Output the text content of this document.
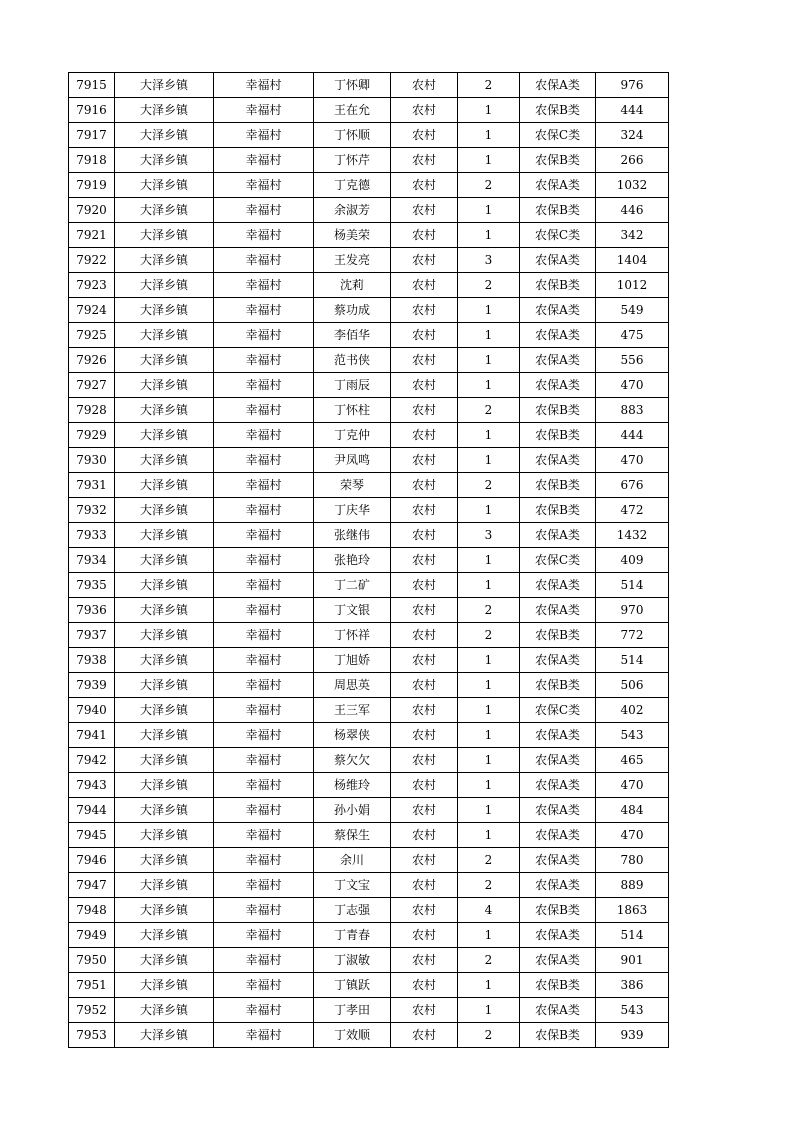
7915	大泽乡镇	幸福村	丁怀卿	农村	2	农保A类	976
7916	大泽乡镇	幸福村	王在允	农村	1	农保B类	444
7917	大泽乡镇	幸福村	丁怀顺	农村	1	农保C类	324
7918	大泽乡镇	幸福村	丁怀芹	农村	1	农保B类	266
7919	大泽乡镇	幸福村	丁克德	农村	2	农保A类	1032
7920	大泽乡镇	幸福村	余淑芳	农村	1	农保B类	446
7921	大泽乡镇	幸福村	杨美荣	农村	1	农保C类	342
7922	大泽乡镇	幸福村	王发亮	农村	3	农保A类	1404
7923	大泽乡镇	幸福村	沈莉	农村	2	农保B类	1012
7924	大泽乡镇	幸福村	蔡功成	农村	1	农保A类	549
7925	大泽乡镇	幸福村	李佰华	农村	1	农保A类	475
7926	大泽乡镇	幸福村	范书侠	农村	1	农保A类	556
7927	大泽乡镇	幸福村	丁雨辰	农村	1	农保A类	470
7928	大泽乡镇	幸福村	丁怀柱	农村	2	农保B类	883
7929	大泽乡镇	幸福村	丁克仲	农村	1	农保B类	444
7930	大泽乡镇	幸福村	尹凤鸣	农村	1	农保A类	470
7931	大泽乡镇	幸福村	荣琴	农村	2	农保B类	676
7932	大泽乡镇	幸福村	丁庆华	农村	1	农保B类	472
7933	大泽乡镇	幸福村	张继伟	农村	3	农保A类	1432
7934	大泽乡镇	幸福村	张艳玲	农村	1	农保C类	409
7935	大泽乡镇	幸福村	丁二矿	农村	1	农保A类	514
7936	大泽乡镇	幸福村	丁文银	农村	2	农保A类	970
7937	大泽乡镇	幸福村	丁怀祥	农村	2	农保B类	772
7938	大泽乡镇	幸福村	丁旭娇	农村	1	农保A类	514
7939	大泽乡镇	幸福村	周思英	农村	1	农保B类	506
7940	大泽乡镇	幸福村	王三军	农村	1	农保C类	402
7941	大泽乡镇	幸福村	杨翠侠	农村	1	农保A类	543
7942	大泽乡镇	幸福村	蔡欠欠	农村	1	农保A类	465
7943	大泽乡镇	幸福村	杨维玲	农村	1	农保A类	470
7944	大泽乡镇	幸福村	孙小娟	农村	1	农保A类	484
7945	大泽乡镇	幸福村	蔡保生	农村	1	农保A类	470
7946	大泽乡镇	幸福村	余川	农村	2	农保A类	780
7947	大泽乡镇	幸福村	丁文宝	农村	2	农保A类	889
7948	大泽乡镇	幸福村	丁志强	农村	4	农保B类	1863
7949	大泽乡镇	幸福村	丁青春	农村	1	农保A类	514
7950	大泽乡镇	幸福村	丁淑敏	农村	2	农保A类	901
7951	大泽乡镇	幸福村	丁镇跃	农村	1	农保B类	386
7952	大泽乡镇	幸福村	丁孝田	农村	1	农保A类	543
7953	大泽乡镇	幸福村	丁效顺	农村	2	农保B类	939
